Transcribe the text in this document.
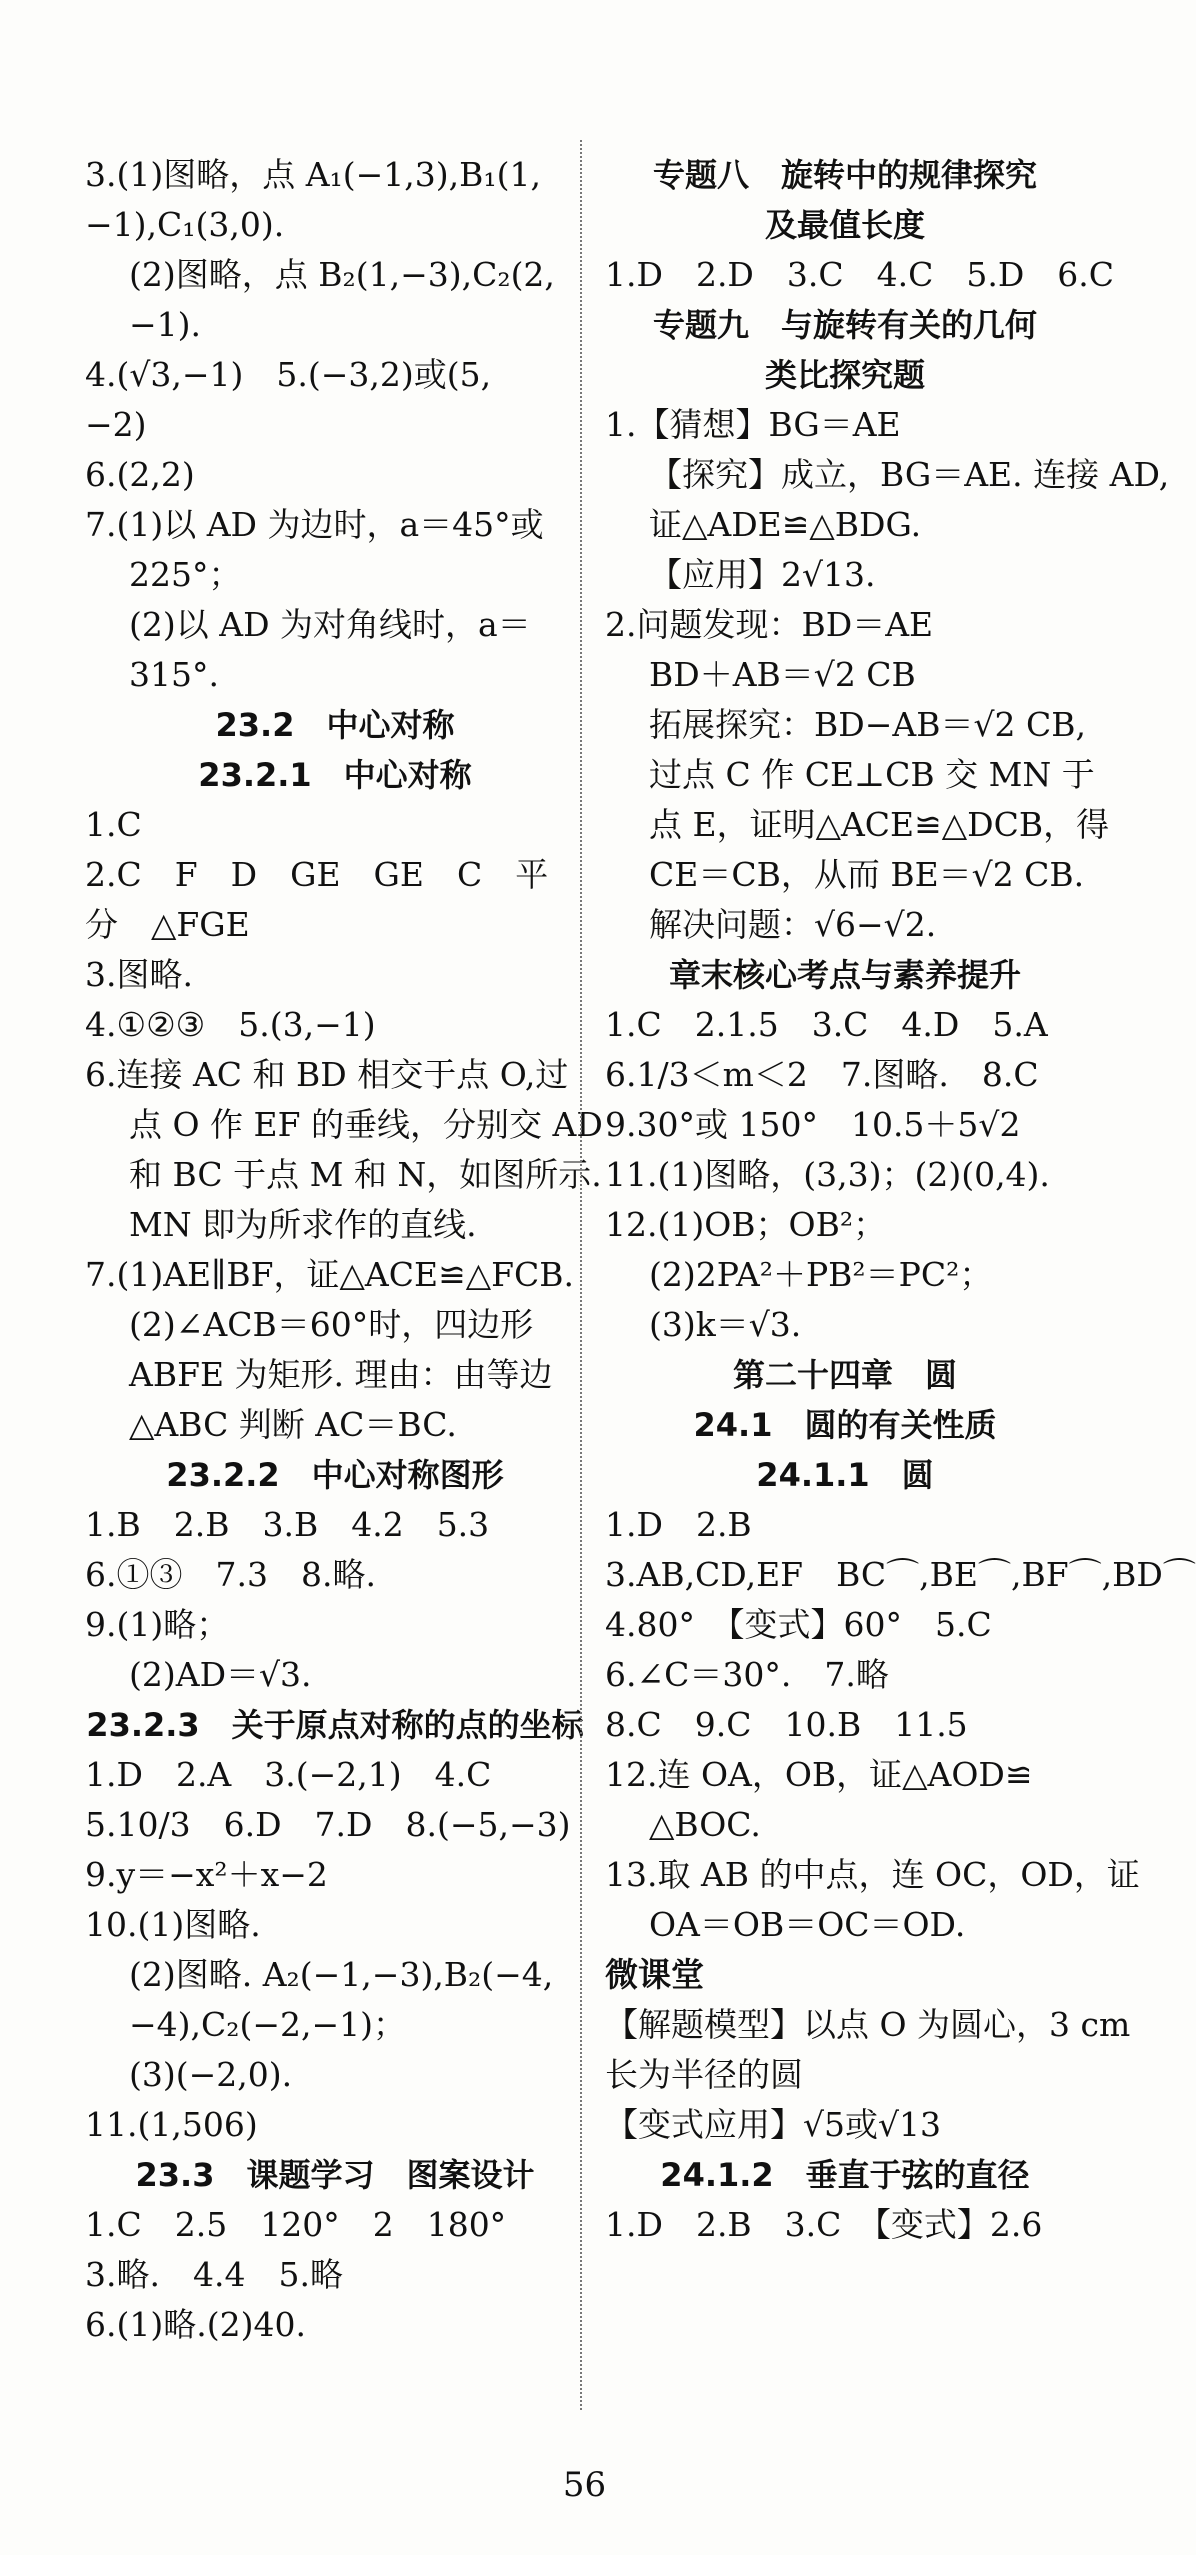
3.(1)图略，点 A₁(−1,3),B₁(1,
−1),C₁(3,0).
(2)图略，点 B₂(1,−3),C₂(2,
−1).
4.(√3,−1)　5.(−3,2)或(5,
−2)
6.(2,2)
7.(1)以 AD 为边时，a＝45°或
225°；
(2)以 AD 为对角线时，a＝
315°.
23.2　中心对称
23.2.1　中心对称
1.C
2.C　F　D　GE　GE　C　平
分　△FGE
3.图略.
4.①②③　5.(3,−1)
6.连接 AC 和 BD 相交于点 O,过
点 O 作 EF 的垂线，分别交 AD
和 BC 于点 M 和 N，如图所示.
MN 即为所求作的直线.
7.(1)AE∥BF，证△ACE≌△FCB.
(2)∠ACB＝60°时，四边形
ABFE 为矩形. 理由：由等边
△ABC 判断 AC＝BC.
23.2.2　中心对称图形
1.B　2.B　3.B　4.2　5.3
6.①③　7.3　8.略.
9.(1)略；
(2)AD＝√3.
23.2.3　关于原点对称的点的坐标
1.D　2.A　3.(−2,1)　4.C
5.10/3　6.D　7.D　8.(−5,−3)
9.y＝−x²＋x−2
10.(1)图略.
(2)图略. A₂(−1,−3),B₂(−4,
−4),C₂(−2,−1)；
(3)(−2,0).
11.(1,506)
23.3　课题学习　图案设计
1.C　2.5　120°　2　180°
3.略.　4.4　5.略
6.(1)略.(2)40.
专题八　旋转中的规律探究
及最值长度
1.D　2.D　3.C　4.C　5.D　6.C
专题九　与旋转有关的几何
类比探究题
1.【猜想】BG＝AE
【探究】成立，BG＝AE. 连接 AD,
证△ADE≌△BDG.
【应用】2√13.
2.问题发现：BD＝AE
BD＋AB＝√2 CB
拓展探究：BD−AB＝√2 CB,
过点 C 作 CE⊥CB 交 MN 于
点 E，证明△ACE≌△DCB，得
CE＝CB，从而 BE＝√2 CB.
解决问题：√6−√2.
章末核心考点与素养提升
1.C　2.1.5　3.C　4.D　5.A
6.1/3＜m＜2　7.图略.　8.C
9.30°或 150°　10.5＋5√2
11.(1)图略，(3,3)；(2)(0,4).
12.(1)OB；OB²；
(2)2PA²＋PB²＝PC²；
(3)k＝√3.
第二十四章　圆
24.1　圆的有关性质
24.1.1　圆
1.D　2.B
3.AB,CD,EF　BC⌒,BE⌒,BF⌒,BD⌒
4.80°　【变式】60°　5.C
6.∠C＝30°.　7.略
8.C　9.C　10.B　11.5
12.连 OA，OB，证△AOD≌
△BOC.
13.取 AB 的中点，连 OC，OD，证
OA＝OB＝OC＝OD.
微课堂
【解题模型】以点 O 为圆心，3 cm
长为半径的圆
【变式应用】√5或√13
24.1.2　垂直于弦的直径
1.D　2.B　3.C　【变式】2.6
56
